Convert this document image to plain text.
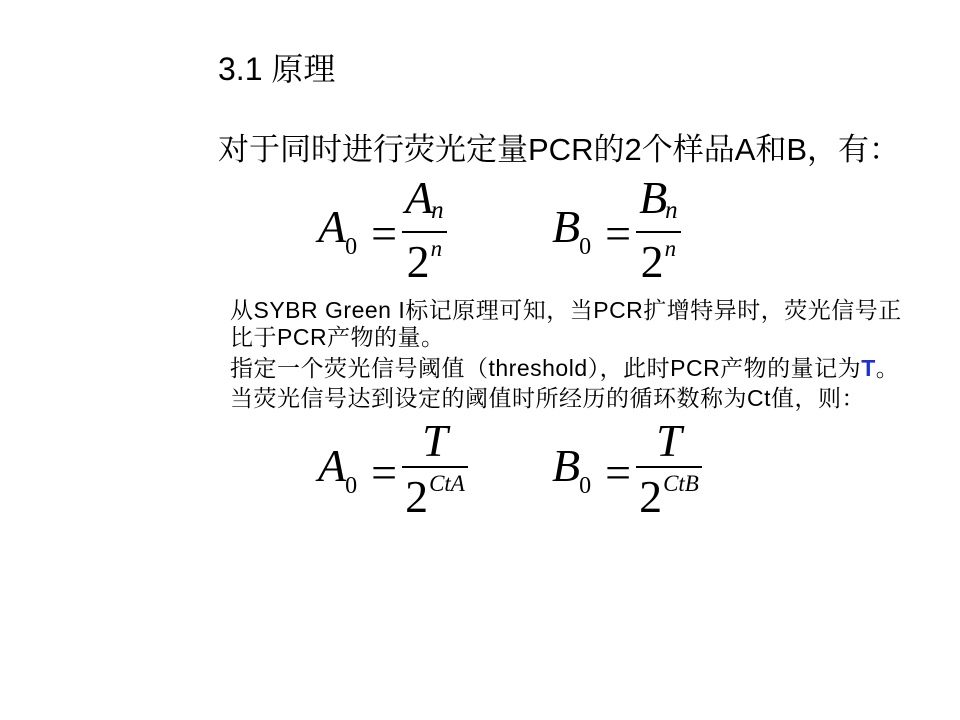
3.1 原理
对于同时进行荧光定量PCR的2个样品A和B，有：
$A_0 = \frac{An}{2^n} B_0 = \frac{Bn}{2^n}$
从SYBR Green I标记原理可知，当PCR扩增特异时，荧光信号正
比于PCR产物的量。
指定一个荧光信号阈值（threshold），此时PCR产物的量记为T。
当荧光信号达到设定的阈值时所经历的循环数称为Ct值，则：
$A_0 = \frac{T}{2^{CtA}} B_0 = \frac{T}{2^{CtB}}$
